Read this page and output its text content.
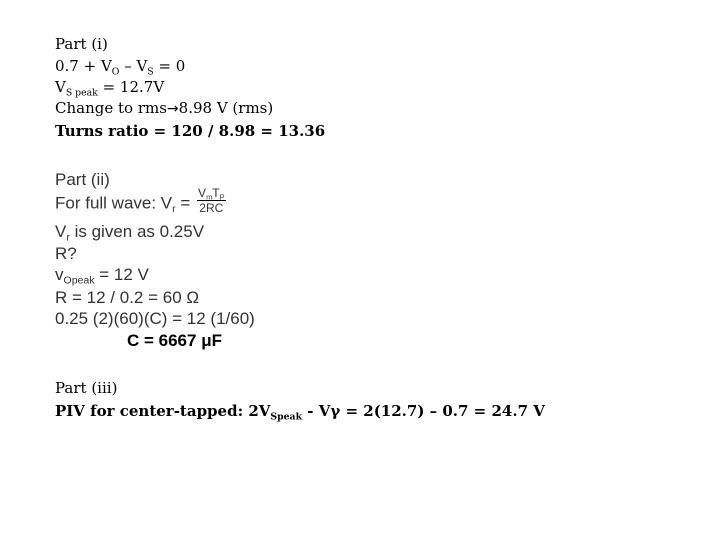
Part (i)
$0.7 + V_O - V_S = 0$
$V_{S peak} = 12.7V$
Change to rms→8.98 V (rms)
Turns ratio = 120 / 8.98 = 13.36
Part (ii)
For full wave: $V_r = \frac{V_mT_P}{2RC}$
$V_r$ is given as 0.25V
R?
$v_{Opeak} = 12$ V
R = 12 / 0.2 = 60 Ω
0.25 (2)(60)(C) = 12 (1/60)
C = 6667 μF
Part (iii)
PIV for center-tapped: $2V_{Speak} - V\gamma = 2(12.7) - 0.7 = 24.7$ V
